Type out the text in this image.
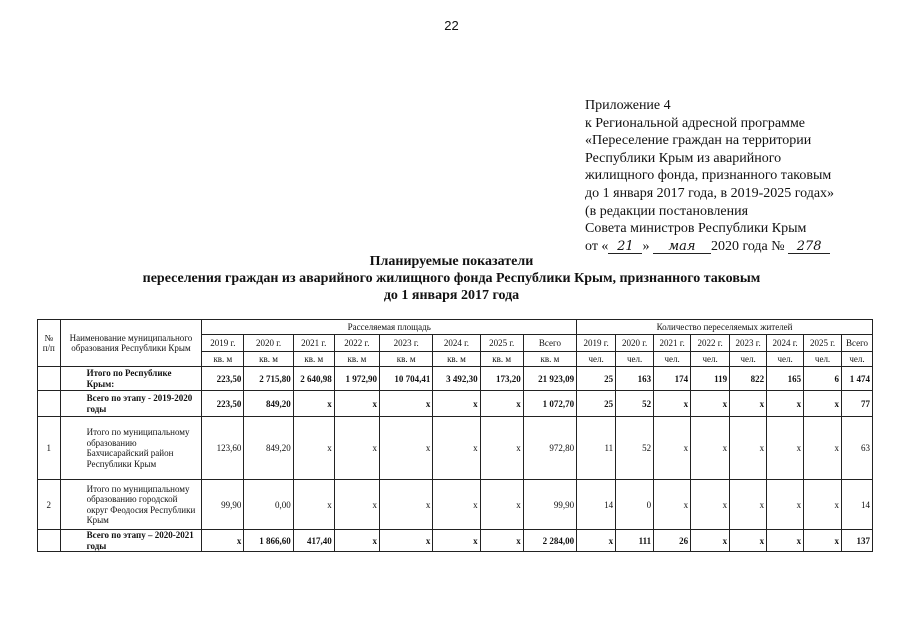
22
Приложение 4
к Региональной адресной программе
«Переселение граждан на территории
Республики Крым из аварийного
жилищного фонда, признанного таковым
до 1 января 2017 года, в 2019-2025 годах»
(в редакции постановления
Совета министров Республики Крым
от « 21 » мая 2020 года № 278
Планируемые показатели
переселения граждан из аварийного жилищного фонда Республики Крым, признанного таковым
до 1 января 2017 года
№ п/п	Наименование муниципального образования Республики Крым	Расселяемая площадь								Количество переселяемых жителей							
		2019 г.	2020 г.	2021 г.	2022 г.	2023 г.	2024 г.	2025 г.	Всего	2019 г.	2020 г.	2021 г.	2022 г.	2023 г.	2024 г.	2025 г.	Всего
		кв. м	кв. м	кв. м	кв. м	кв. м	кв. м	кв. м	кв. м	чел.	чел.	чел.	чел.	чел.	чел.	чел.	чел.
	Итого по Республике Крым:	223,50	2 715,80	2 640,98	1 972,90	10 704,41	3 492,30	173,20	21 923,09	25	163	174	119	822	165	6	1 474
	Всего по этапу - 2019-2020 годы	223,50	849,20	х	х	х	х	х	1 072,70	25	52	х	х	х	х	х	77
1	Итого по муниципальному образованию Бахчисарайский район Республики Крым	123,60	849,20	х	х	х	х	х	972,80	11	52	х	х	х	х	х	63
2	Итого по муниципальному образованию городской округ Феодосия Республики Крым	99,90	0,00	х	х	х	х	х	99,90	14	0	х	х	х	х	х	14
	Всего по этапу – 2020-2021 годы	х	1 866,60	417,40	х	х	х	х	2 284,00	х	111	26	х	х	х	х	137
